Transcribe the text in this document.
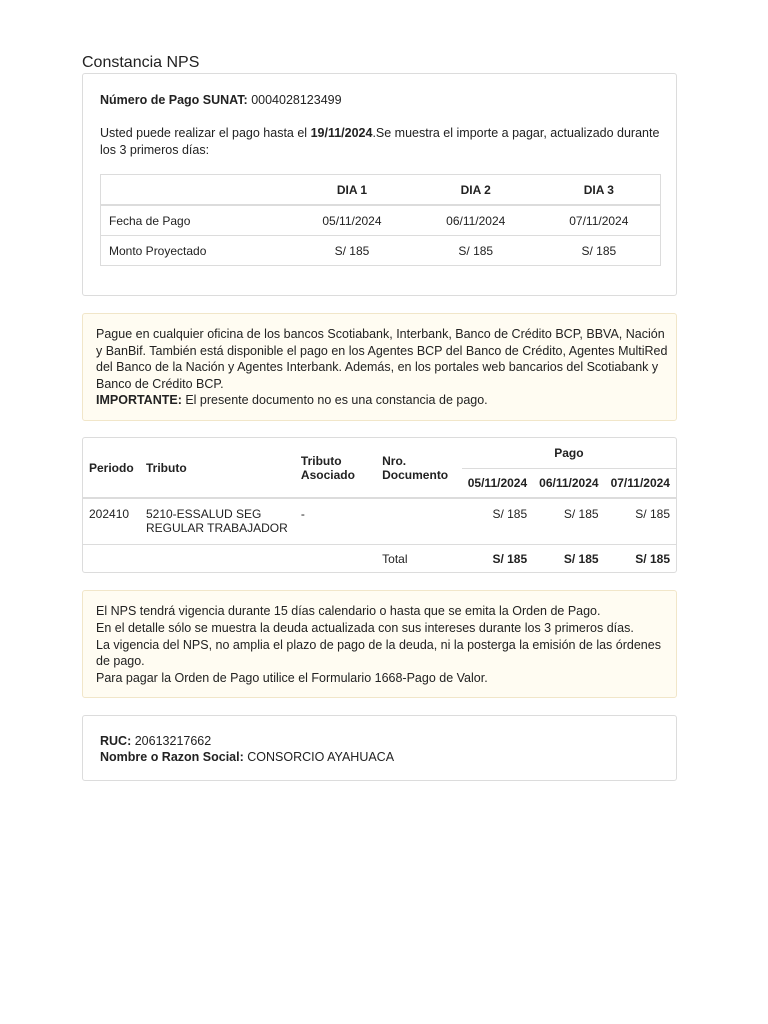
Constancia NPS
Número de Pago SUNAT: 0004028123499
Usted puede realizar el pago hasta el 19/11/2024.Se muestra el importe a pagar, actualizado durante los 3 primeros días:
	DIA 1	DIA 2	DIA 3
Fecha de Pago	05/11/2024	06/11/2024	07/11/2024
Monto Proyectado	S/ 185	S/ 185	S/ 185
Pague en cualquier oficina de los bancos Scotiabank, Interbank, Banco de Crédito BCP, BBVA, Nación y BanBif. También está disponible el pago en los Agentes BCP del Banco de Crédito, Agentes MultiRed del Banco de la Nación y Agentes Interbank. Además, en los portales web bancarios del Scotiabank y Banco de Crédito BCP.
IMPORTANTE: El presente documento no es una constancia de pago.
Periodo	Tributo	Tributo Asociado	Nro. Documento	Pago		
				05/11/2024	06/11/2024	07/11/2024
202410	5210-ESSALUD SEG REGULAR TRABAJADOR	-		S/ 185	S/ 185	S/ 185
			Total	S/ 185	S/ 185	S/ 185
El NPS tendrá vigencia durante 15 días calendario o hasta que se emita la Orden de Pago.
En el detalle sólo se muestra la deuda actualizada con sus intereses durante los 3 primeros días.
La vigencia del NPS, no amplia el plazo de pago de la deuda, ni la posterga la emisión de las órdenes de pago.
Para pagar la Orden de Pago utilice el Formulario 1668-Pago de Valor.
RUC: 20613217662
Nombre o Razon Social: CONSORCIO AYAHUACA
